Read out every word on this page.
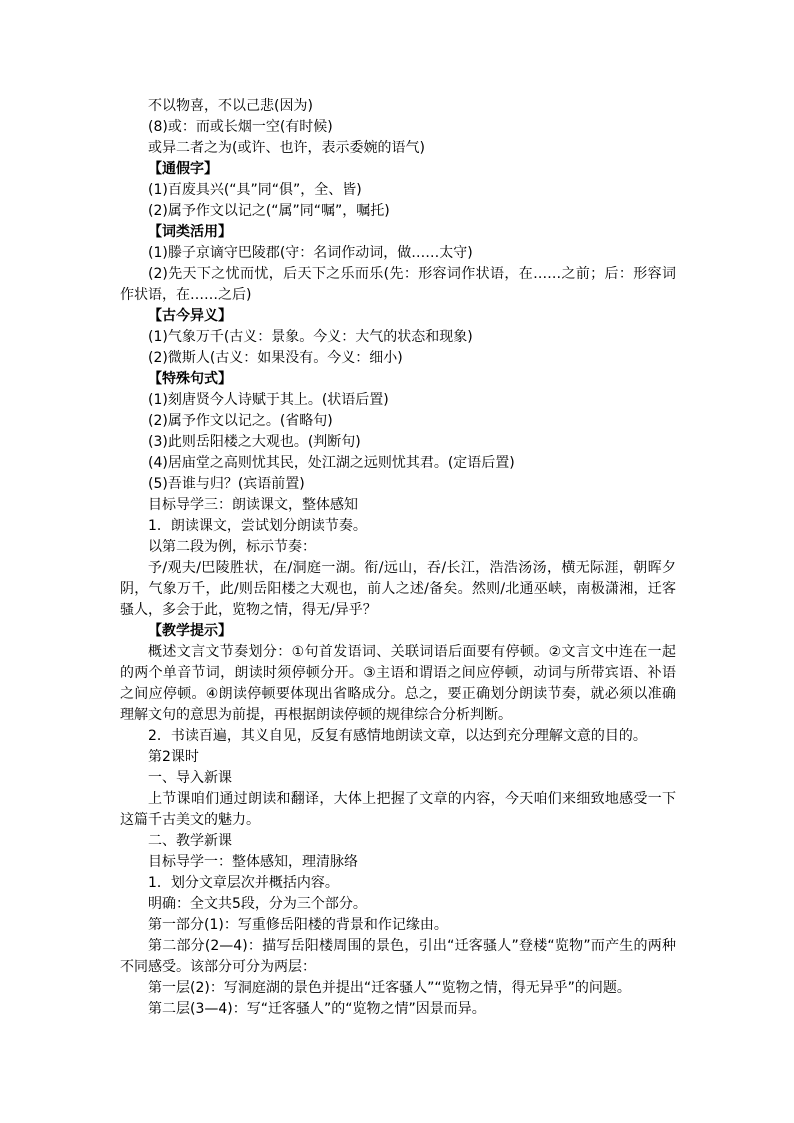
不以物喜，不以己悲(因为)
(8)或：而或长烟一空(有时候)
或异二者之为(或许、也许，表示委婉的语气)
【通假字】
(1)百废具兴(“具”同“俱”，全、皆)
(2)属予作文以记之(“属”同“嘱”，嘱托)
【词类活用】
(1)滕子京谪守巴陵郡(守：名词作动词，做……太守)
(2)先天下之忧而忧，后天下之乐而乐(先：形容词作状语，在……之前；后：形容词作状语，在……之后)
【古今异义】
(1)气象万千(古义：景象。今义：大气的状态和现象)
(2)微斯人(古义：如果没有。今义：细小)
【特殊句式】
(1)刻唐贤今人诗赋于其上。(状语后置)
(2)属予作文以记之。(省略句)
(3)此则岳阳楼之大观也。(判断句)
(4)居庙堂之高则忧其民，处江湖之远则忧其君。(定语后置)
(5)吾谁与归？(宾语前置)
目标导学三：朗读课文，整体感知
1．朗读课文，尝试划分朗读节奏。
以第二段为例，标示节奏：
予/观夫/巴陵胜状，在/洞庭一湖。衔/远山，吞/长江，浩浩汤汤，横无际涯，朝晖夕阴，气象万千，此/则岳阳楼之大观也，前人之述/备矣。然则/北通巫峡，南极潇湘，迁客骚人，多会于此，览物之情，得无/异乎？
【教学提示】
概述文言文节奏划分：①句首发语词、关联词语后面要有停顿。②文言文中连在一起的两个单音节词，朗读时须停顿分开。③主语和谓语之间应停顿，动词与所带宾语、补语之间应停顿。④朗读停顿要体现出省略成分。总之，要正确划分朗读节奏，就必须以准确理解文句的意思为前提，再根据朗读停顿的规律综合分析判断。
2．书读百遍，其义自见，反复有感情地朗读文章，以达到充分理解文意的目的。
第2课时
一、导入新课
上节课咱们通过朗读和翻译，大体上把握了文章的内容，今天咱们来细致地感受一下这篇千古美文的魅力。
二、教学新课
目标导学一：整体感知，理清脉络
1．划分文章层次并概括内容。
明确：全文共5段，分为三个部分。
第一部分(1)：写重修岳阳楼的背景和作记缘由。
第二部分(2—4)：描写岳阳楼周围的景色，引出“迁客骚人”登楼“览物”而产生的两种不同感受。该部分可分为两层：
第一层(2)：写洞庭湖的景色并提出“迁客骚人”“览物之情，得无异乎”的问题。
第二层(3—4)：写“迁客骚人”的“览物之情”因景而异。
